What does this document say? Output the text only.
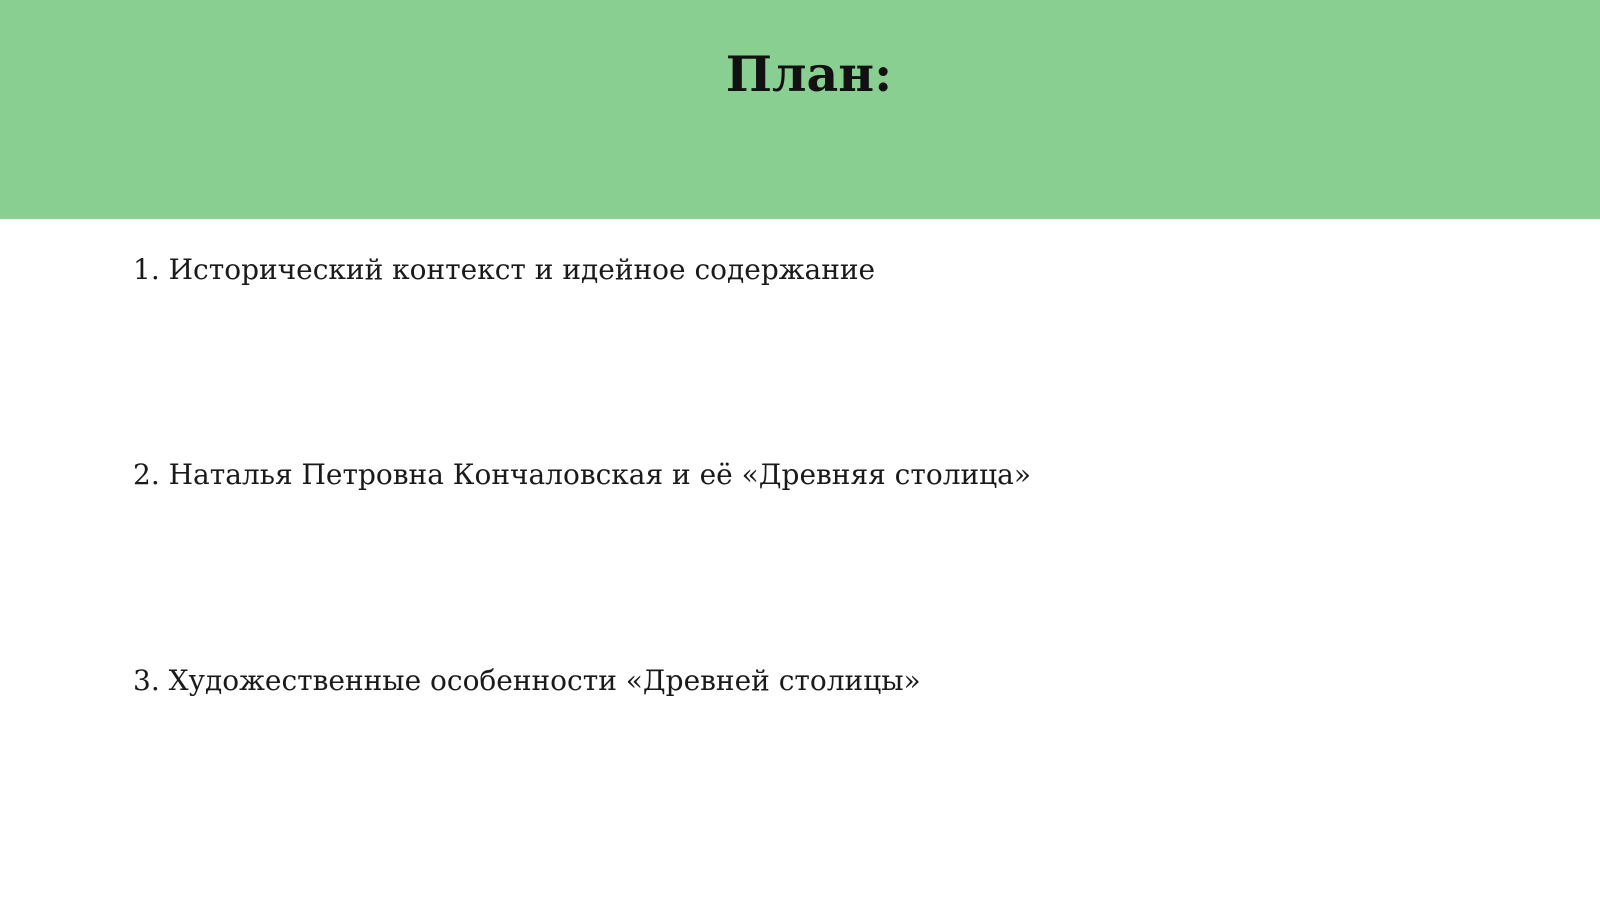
План:

1. Исторический контекст и идейное содержание

2. Наталья Петровна Кончаловская и её «Древняя столица»

3. Художественные особенности «Древней столицы»
